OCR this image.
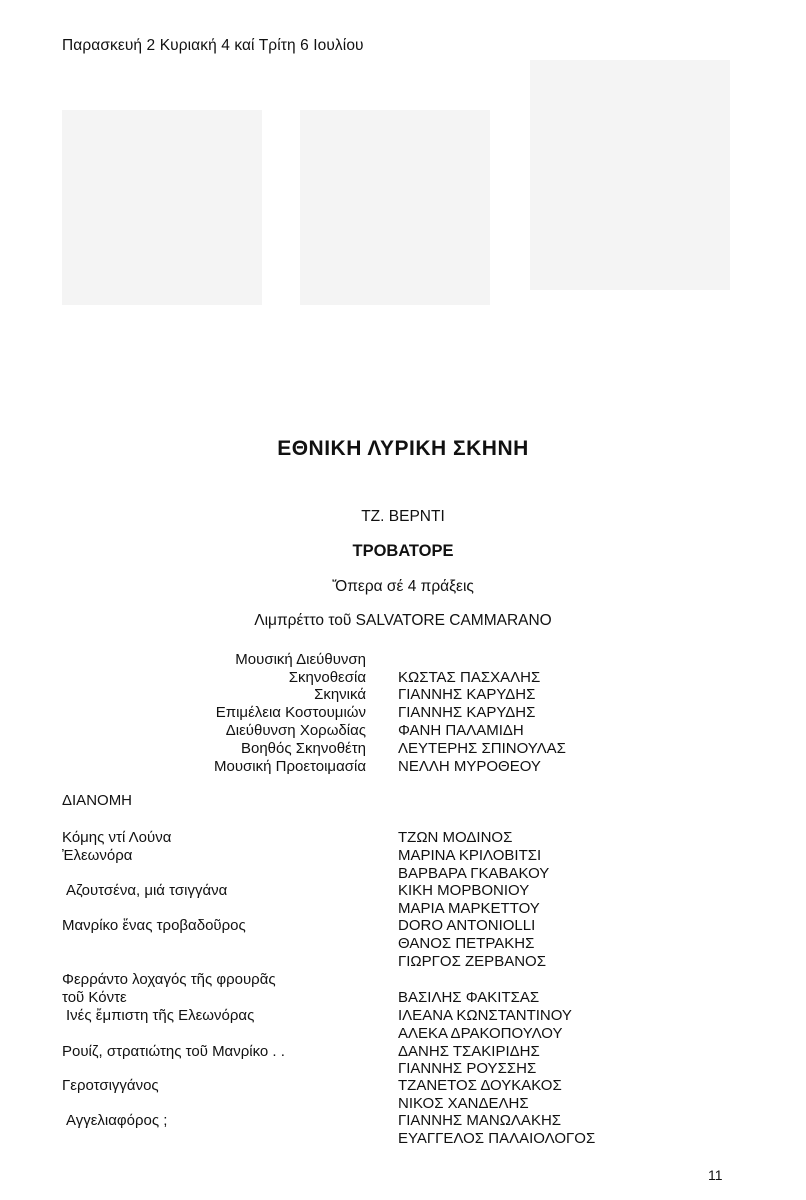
Παρασκευή 2 Κυριακή 4 καί Τρίτη 6 Ιουλίου
ΕΘΝΙΚΗ ΛΥΡΙΚΗ ΣΚΗΝΗ
ΤΖ. ΒΕΡΝΤΙ
ΤΡΟΒΑΤΟΡΕ
Ὄπερα σέ 4 πράξεις
Λιμπρέττο τοῦ SALVATORE CAMMARANO
Μουσική Διεύθυνση
Σκηνοθεσία ΚΩΣΤΑΣ ΠΑΣΧΑΛΗΣ
Σκηνικά ΓΙΑΝΝΗΣ ΚΑΡΥΔΗΣ
Επιμέλεια Κοστουμιών ΓΙΑΝΝΗΣ ΚΑΡΥΔΗΣ
Διεύθυνση Χορωδίας ΦΑΝΗ ΠΑΛΑΜΙΔΗ
Βοηθός Σκηνοθέτη ΛΕΥΤΕΡΗΣ ΣΠΙΝΟΥΛΑΣ
Μουσική Προετοιμασία ΝΕΛΛΗ ΜΥΡΟΘΕΟΥ
ΔΙΑΝΟΜΗ
Κόμης ντί Λούνα
Ἐλεωνόρα
Αζουτσένα, μιά τσιγγάνα
Μανρίκο ἕνας τροβαδοῦρος
Φερράντο λοχαγός τῆς φρουρᾶς
τοῦ Κόντε
Ινές ἔμπιστη τῆς Ελεωνόρας
Ρουίζ, στρατιώτης τοῦ Μανρίκο . .
Γεροτσιγγάνος
Αγγελιαφόρος ;
ΤΖΩΝ ΜΟΔΙΝΟΣ
ΜΑΡΙΝΑ ΚΡΙΛΟΒΙΤΣΙ
ΒΑΡΒΑΡΑ ΓΚΑΒΑΚΟΥ
ΚΙΚΗ ΜΟΡΒΟΝΙΟΥ
ΜΑΡΙΑ ΜΑΡΚΕΤΤΟΥ
DORO ANTONIOLLI
ΘΑΝΟΣ ΠΕΤΡΑΚΗΣ
ΓΙΩΡΓΟΣ ΖΕΡΒΑΝΟΣ
ΒΑΣΙΛΗΣ ΦΑΚΙΤΣΑΣ
ΙΛΕΑΝΑ ΚΩΝΣΤΑΝΤΙΝΟΥ
ΑΛΕΚΑ ΔΡΑΚΟΠΟΥΛΟΥ
ΔΑΝΗΣ ΤΣΑΚΙΡΙΔΗΣ
ΓΙΑΝΝΗΣ ΡΟΥΣΣΗΣ
ΤΖΑΝΕΤΟΣ ΔΟΥΚΑΚΟΣ
ΝΙΚΟΣ ΧΑΝΔΕΛΗΣ
ΓΙΑΝΝΗΣ ΜΑΝΩΛΑΚΗΣ
ΕΥΑΓΓΕΛΟΣ ΠΑΛΑΙΟΛΟΓΟΣ
11
